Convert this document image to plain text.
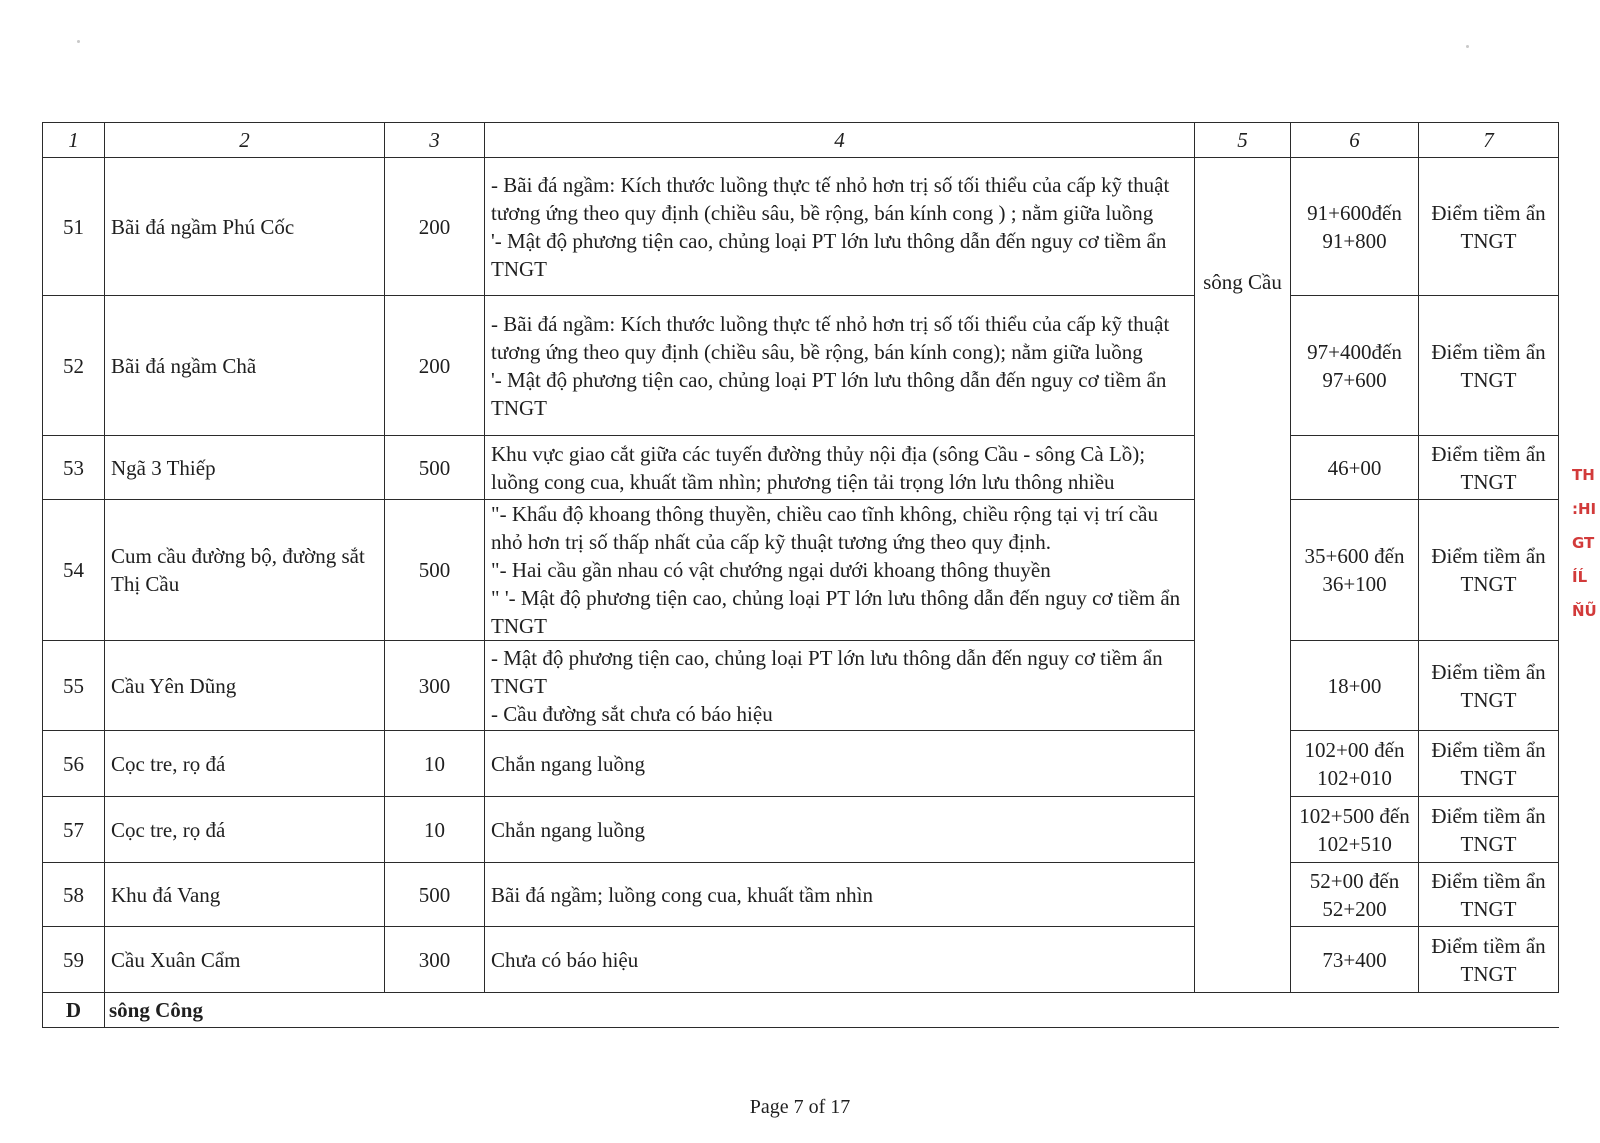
1	2	3	4	5	6	7
51	Bãi đá ngầm Phú Cốc	200	- Bãi đá ngầm: Kích thước luồng thực tế nhỏ hơn trị số tối thiểu của cấp kỹ thuật tương ứng theo quy định (chiều sâu, bề rộng, bán kính cong ) ; nằm giữa luồng
'- Mật độ phương tiện cao, chủng loại PT lớn lưu thông dẫn đến nguy cơ tiềm ẩn TNGT	sông Cầu	91+600đến 91+800	Điểm tiềm ẩn TNGT
52	Bãi đá ngầm Chã	200	- Bãi đá ngầm: Kích thước luồng thực tế nhỏ hơn trị số tối thiểu của cấp kỹ thuật tương ứng theo quy định (chiều sâu, bề rộng, bán kính cong); nằm giữa luồng
'- Mật độ phương tiện cao, chủng loại PT lớn lưu thông dẫn đến nguy cơ tiềm ẩn TNGT		97+400đến 97+600	Điểm tiềm ẩn TNGT
53	Ngã 3 Thiếp	500	Khu vực giao cắt giữa các tuyến đường thủy nội địa (sông Cầu - sông Cà Lồ); luồng cong cua, khuất tầm nhìn; phương tiện tải trọng lớn lưu thông nhiều		46+00	Điểm tiềm ẩn TNGT
54	Cum cầu đường bộ, đường sắt Thị Cầu	500	"- Khẩu độ khoang thông thuyền, chiều cao tĩnh không, chiều rộng tại vị trí cầu nhỏ hơn trị số thấp nhất của cấp kỹ thuật tương ứng theo quy định.
"- Hai cầu gần nhau có vật chướng ngại dưới khoang thông thuyền
" '- Mật độ phương tiện cao, chủng loại PT lớn lưu thông dẫn đến nguy cơ tiềm ẩn TNGT		35+600 đến 36+100	Điểm tiềm ẩn TNGT
55	Cầu Yên Dũng	300	- Mật độ phương tiện cao, chủng loại PT lớn lưu thông dẫn đến nguy cơ tiềm ẩn TNGT
- Cầu đường sắt chưa có báo hiệu		18+00	Điểm tiềm ẩn TNGT
56	Cọc tre, rọ đá	10	Chắn ngang luồng		102+00 đến 102+010	Điểm tiềm ẩn TNGT
57	Cọc tre, rọ đá	10	Chắn ngang luồng		102+500 đến 102+510	Điểm tiềm ẩn TNGT
58	Khu đá Vang	500	Bãi đá ngầm; luồng cong cua, khuất tầm nhìn		52+00 đến 52+200	Điểm tiềm ẩn TNGT
59	Cầu Xuân Cẩm	300	Chưa có báo hiệu		73+400	Điểm tiềm ẩn TNGT
D	sông Công					
TH
:HI
GT
ÍĹ
ŇŨ
Page 7 of 17
